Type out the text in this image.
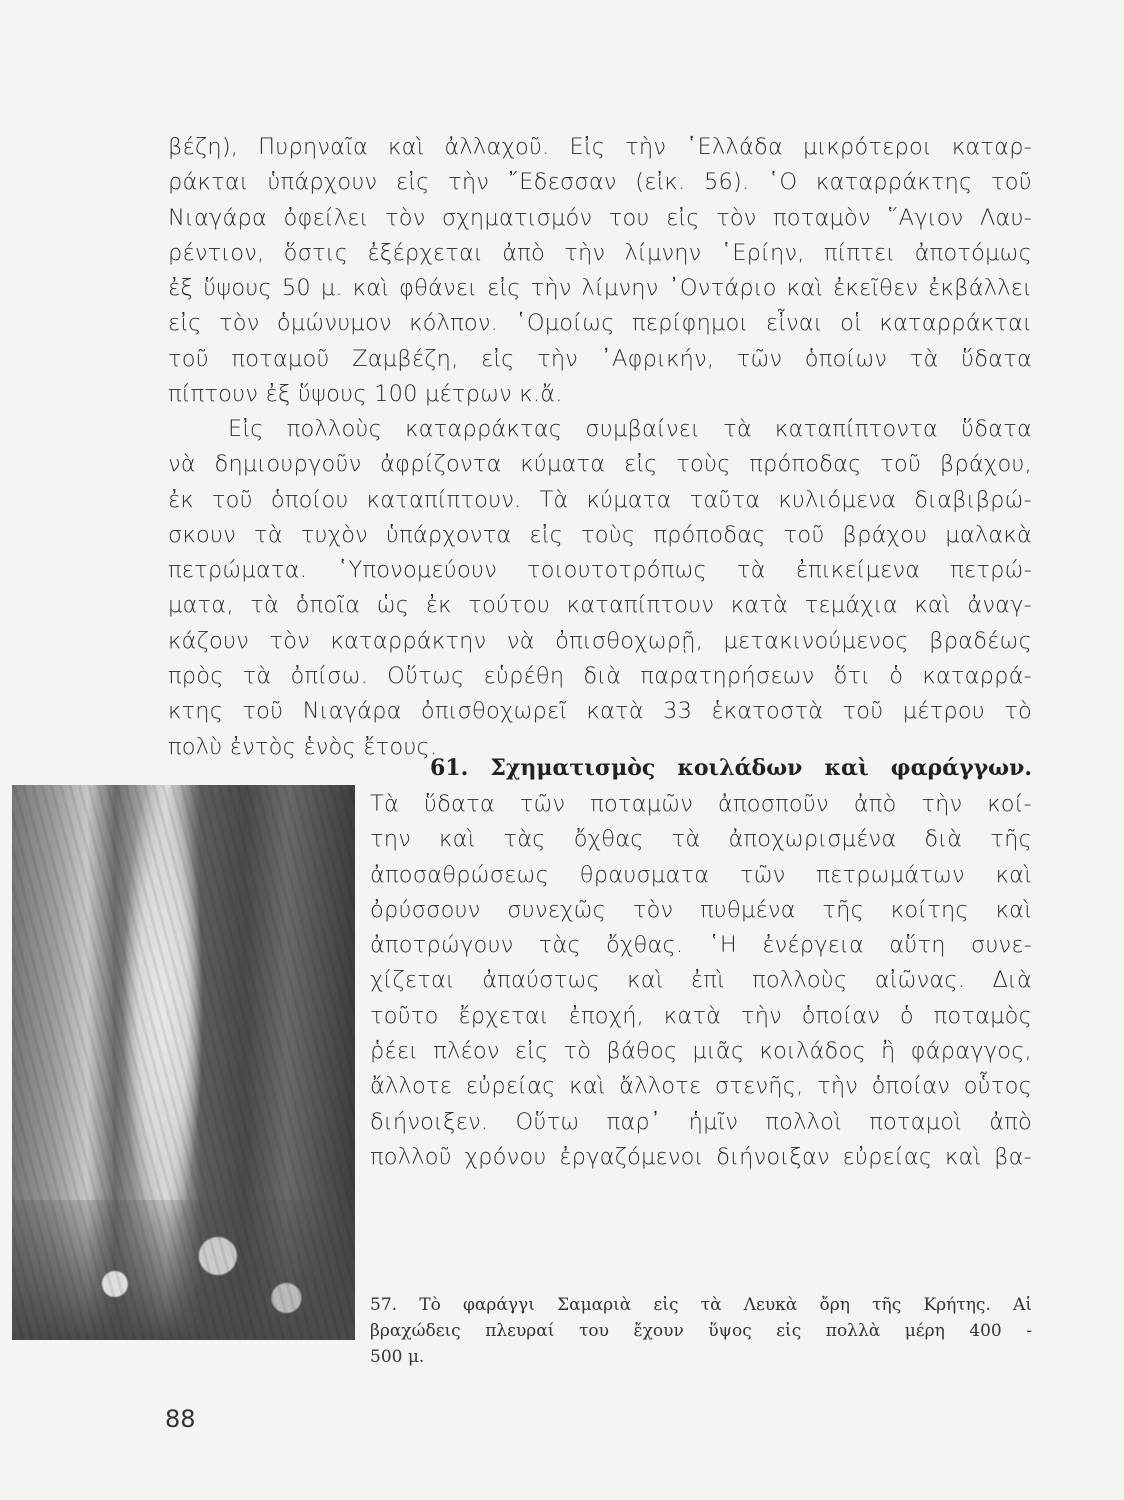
βέζη), Πυρηναῖα καὶ ἀλλαχοῦ. Εἰς τὴν ῾Ελλάδα μικρότεροι καταρ-
ράκται ὑπάρχουν εἰς τὴν ῎Εδεσσαν (εἰκ. 56). ῾Ο καταρράκτης τοῦ
Νιαγάρα ὀφείλει τὸν σχηματισμόν του εἰς τὸν ποταμὸν ῞Αγιον Λαυ-
ρέντιον, ὅστις ἐξέρχεται ἀπὸ τὴν λίμνην ῾Ερίην, πίπτει ἀποτόμως
ἐξ ὕψους 50 μ. καὶ φθάνει εἰς τὴν λίμνην ᾿Οντάριο καὶ ἐκεῖθεν ἐκβάλλει
εἰς τὸν ὁμώνυμον κόλπον. ῾Ομοίως περίφημοι εἶναι οἱ καταρράκται
τοῦ ποταμοῦ Ζαμβέζη, εἰς τὴν ᾿Αφρικήν, τῶν ὁποίων τὰ ὕδατα
πίπτουν ἐξ ὕψους 100 μέτρων κ.ἄ.
Εἰς πολλοὺς καταρράκτας συμβαίνει τὰ καταπίπτοντα ὕδατα
νὰ δημιουργοῦν ἀφρίζοντα κύματα εἰς τοὺς πρόποδας τοῦ βράχου,
ἐκ τοῦ ὁποίου καταπίπτουν. Τὰ κύματα ταῦτα κυλιόμενα διαβιβρώ-
σκουν τὰ τυχὸν ὑπάρχοντα εἰς τοὺς πρόποδας τοῦ βράχου μαλακὰ
πετρώματα. ῾Υπονομεύουν τοιουτοτρόπως τὰ ἐπικείμενα πετρώ-
ματα, τὰ ὁποῖα ὡς ἐκ τούτου καταπίπτουν κατὰ τεμάχια καὶ ἀναγ-
κάζουν τὸν καταρράκτην νὰ ὀπισθοχωρῇ, μετακινούμενος βραδέως
πρὸς τὰ ὀπίσω. Οὕτως εὑρέθη διὰ παρατηρήσεων ὅτι ὁ καταρρά-
κτης τοῦ Νιαγάρα ὀπισθοχωρεῖ κατὰ 33 ἑκατοστὰ τοῦ μέτρου τὸ
πολὺ ἐντὸς ἑνὸς ἔτους.
61. Σχηματισμὸς κοιλάδων καὶ φαράγγων.
Τὰ ὕδατα τῶν ποταμῶν ἀποσποῦν ἀπὸ τὴν κοί-
την καὶ τὰς ὄχθας τὰ ἀποχωρισμένα διὰ τῆς
ἀποσαθρώσεως θραυσματα τῶν πετρωμάτων καὶ
ὀρύσσουν συνεχῶς τὸν πυθμένα τῆς κοίτης καὶ
ἀποτρώγουν τὰς ὄχθας. ῾Η ἐνέργεια αὕτη συνε-
χίζεται ἀπαύστως καὶ ἐπὶ πολλοὺς αἰῶνας. Διὰ
τοῦτο ἔρχεται ἐποχή, κατὰ τὴν ὁποίαν ὁ ποταμὸς
ῥέει πλέον εἰς τὸ βάθος μιᾶς κοιλάδος ἢ φάραγγος,
ἄλλοτε εὐρείας καὶ ἄλλοτε στενῆς, τὴν ὁποίαν οὗτος
διήνοιξεν. Οὕτω παρ᾿ ἡμῖν πολλοὶ ποταμοὶ ἀπὸ
πολλοῦ χρόνου ἐργαζόμενοι διήνοιξαν εὐρείας καὶ βα-
57. Τὸ φαράγγι Σαμαριὰ εἰς τὰ Λευκὰ ὄρη τῆς Κρήτης. Αἱ
βραχώδεις πλευραί του ἔχουν ὕψος εἰς πολλὰ μέρη 400 -
500 μ.
88
